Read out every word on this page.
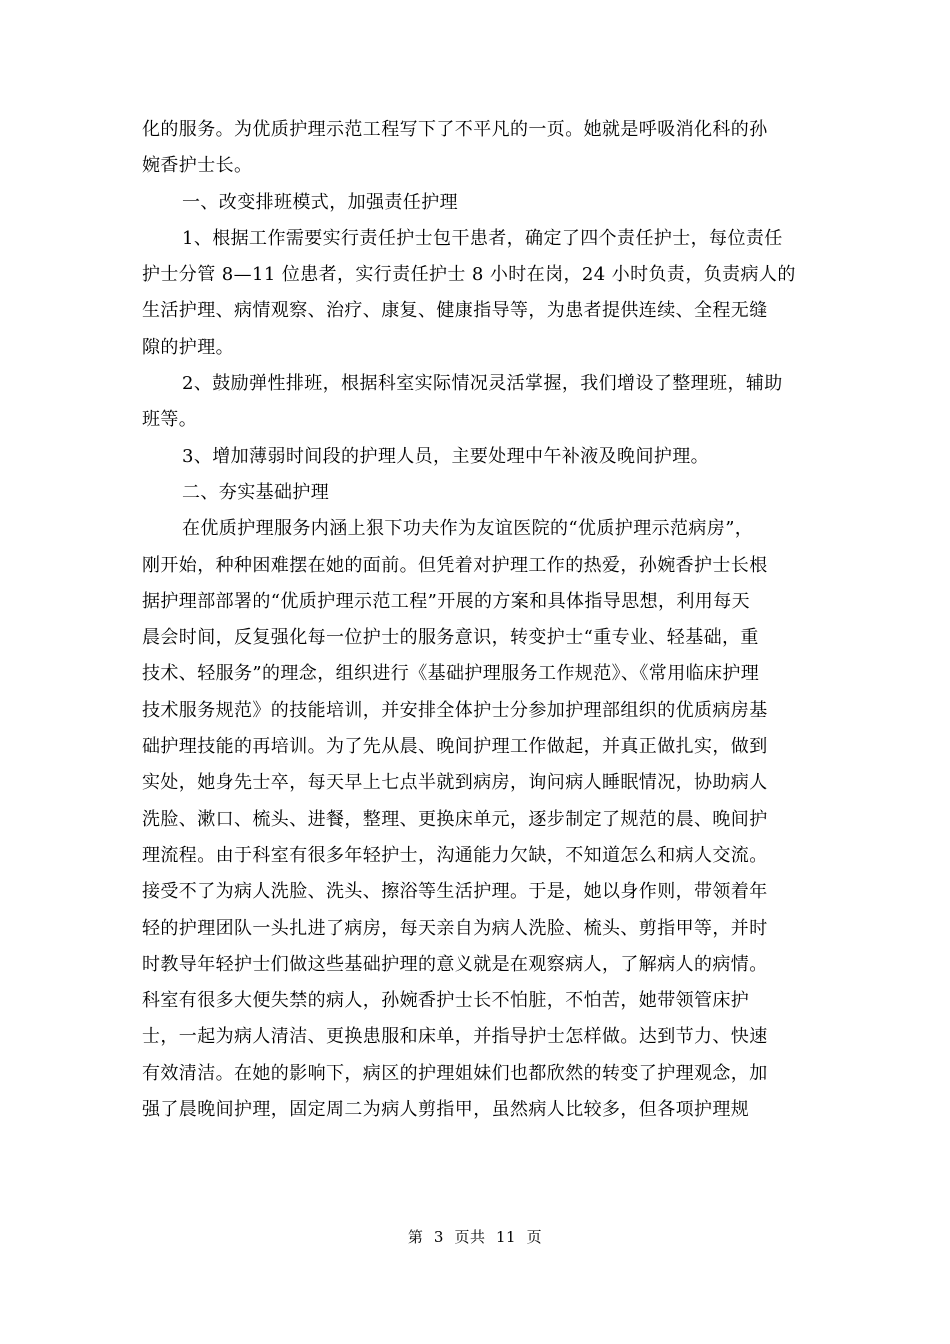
化的服务。为优质护理示范工程写下了不平凡的一页。她就是呼吸消化科的孙
婉香护士长。
一、改变排班模式，加强责任护理
1、根据工作需要实行责任护士包干患者，确定了四个责任护士，每位责任
护士分管 8—11 位患者，实行责任护士 8 小时在岗，24 小时负责，负责病人的
生活护理、病情观察、治疗、康复、健康指导等，为患者提供连续、全程无缝
隙的护理。
2、鼓励弹性排班，根据科室实际情况灵活掌握，我们增设了整理班，辅助
班等。
3、增加薄弱时间段的护理人员，主要处理中午补液及晚间护理。
二、夯实基础护理
在优质护理服务内涵上狠下功夫作为友谊医院的“优质护理示范病房”，
刚开始，种种困难摆在她的面前。但凭着对护理工作的热爱，孙婉香护士长根
据护理部部署的“优质护理示范工程”开展的方案和具体指导思想，利用每天
晨会时间，反复强化每一位护士的服务意识，转变护士“重专业、轻基础，重
技术、轻服务”的理念，组织进行《基础护理服务工作规范》、《常用临床护理
技术服务规范》的技能培训，并安排全体护士分参加护理部组织的优质病房基
础护理技能的再培训。为了先从晨、晚间护理工作做起，并真正做扎实，做到
实处，她身先士卒，每天早上七点半就到病房，询问病人睡眠情况，协助病人
洗脸、漱口、梳头、进餐，整理、更换床单元，逐步制定了规范的晨、晚间护
理流程。由于科室有很多年轻护士，沟通能力欠缺，不知道怎么和病人交流。
接受不了为病人洗脸、洗头、擦浴等生活护理。于是，她以身作则，带领着年
轻的护理团队一头扎进了病房，每天亲自为病人洗脸、梳头、剪指甲等，并时
时教导年轻护士们做这些基础护理的意义就是在观察病人，了解病人的病情。
科室有很多大便失禁的病人，孙婉香护士长不怕脏，不怕苦，她带领管床护
士，一起为病人清洁、更换患服和床单，并指导护士怎样做。达到节力、快速
有效清洁。在她的影响下，病区的护理姐妹们也都欣然的转变了护理观念，加
强了晨晚间护理，固定周二为病人剪指甲，虽然病人比较多，但各项护理规
第  3  页共  11  页
